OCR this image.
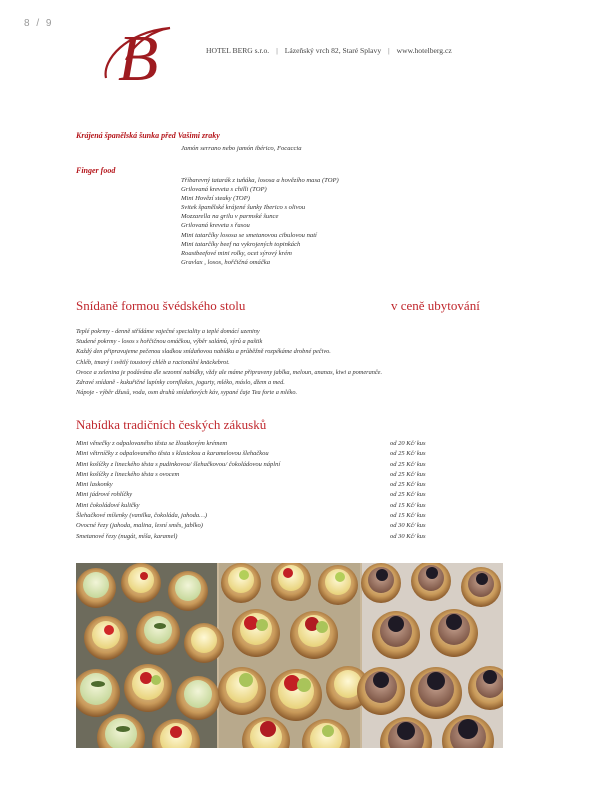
8 / 9 B	HOTEL BERG s.r.o. | Lázeňský vrch 82, Staré Splavy | www.hotelberg.cz
Krájená španělská šunka před Vašimi zraky
Jamón serrano nebo jamón ibérico, Focaccia
Finger food
Tříbarevný tatarák z tuňáka, lososa a hovězího masa (TOP)
Grilovaná kreveta s chilli (TOP)
Mini Hovězí steaky (TOP)
Svitek španělské krájené šunky Iberico s olivou
Mozzarella na grilu v parmské šunce
Grilovaná kreveta s řasou
Mini tatarčíky lososa se smetanovou cibulovou natí
Mini tatarčíky beef na vykrojených topinkách
Roastbeefové mini rolky, ocet sýrový krém
Gravlax , losos, hořčičná omáčka
Snídaně formou švédského stolu	v ceně ubytování
Teplé pokrmy - denně střídáme vaječné speciality a teplé domácí uzeniny
Studené pokrmy - losos s hořčičnou omáčkou, výběr salámů, sýrů a paštik
Každý den připravujeme pečenou sladkou snídaňovou nabídku a průběžně rozpékáme drobné pečivo.
Chléb, tmavý i světlý toustový chléb a racionální knäckebrot.
Ovoce a zelenina je podávána dle sezonní nabídky, vždy ale máme připraveny jablka, meloun, ananas, kiwi a pomeranče.
Zdravé snídaně - kukuřičné lupínky cornflakes, jogurty, mléko, máslo, džem a med.
Nápoje - výběr džusů, voda, osm druhů snídaňových káv, sypané čaje Tea forte a mléko.
Nabídka tradičních českých zákusků
Mini věnečky z odpalovaného těsta se žloutkovým krémem	od 20 Kč/ kus
Mini větrníčky z odpalovaného těsta s klasickou a karamelovou šlehačkou	od 25 Kč/ kus
Mini košíčky z lineckého těsta s pudinkovou/ šlehačkovou/ čokoládovou náplní	od 25 Kč/ kus
Mini košíčky z lineckého těsta s ovocem	od 25 Kč/ kus
Mini laskonky	od 25 Kč/ kus
Mini jádrové rohlíčky	od 25 Kč/ kus
Mini čokoládové kuličky	od 15 Kč/ kus
Šlehačkové míšenky (vanilka, čokoláda, jahoda…)	od 15 Kč/ kus
Ovocné řezy (jahoda, malina, lesní směs, jablko)	od 30 Kč/ kus
Smetanové řezy (nugát, míša, karamel)	od 30 Kč/ kus
